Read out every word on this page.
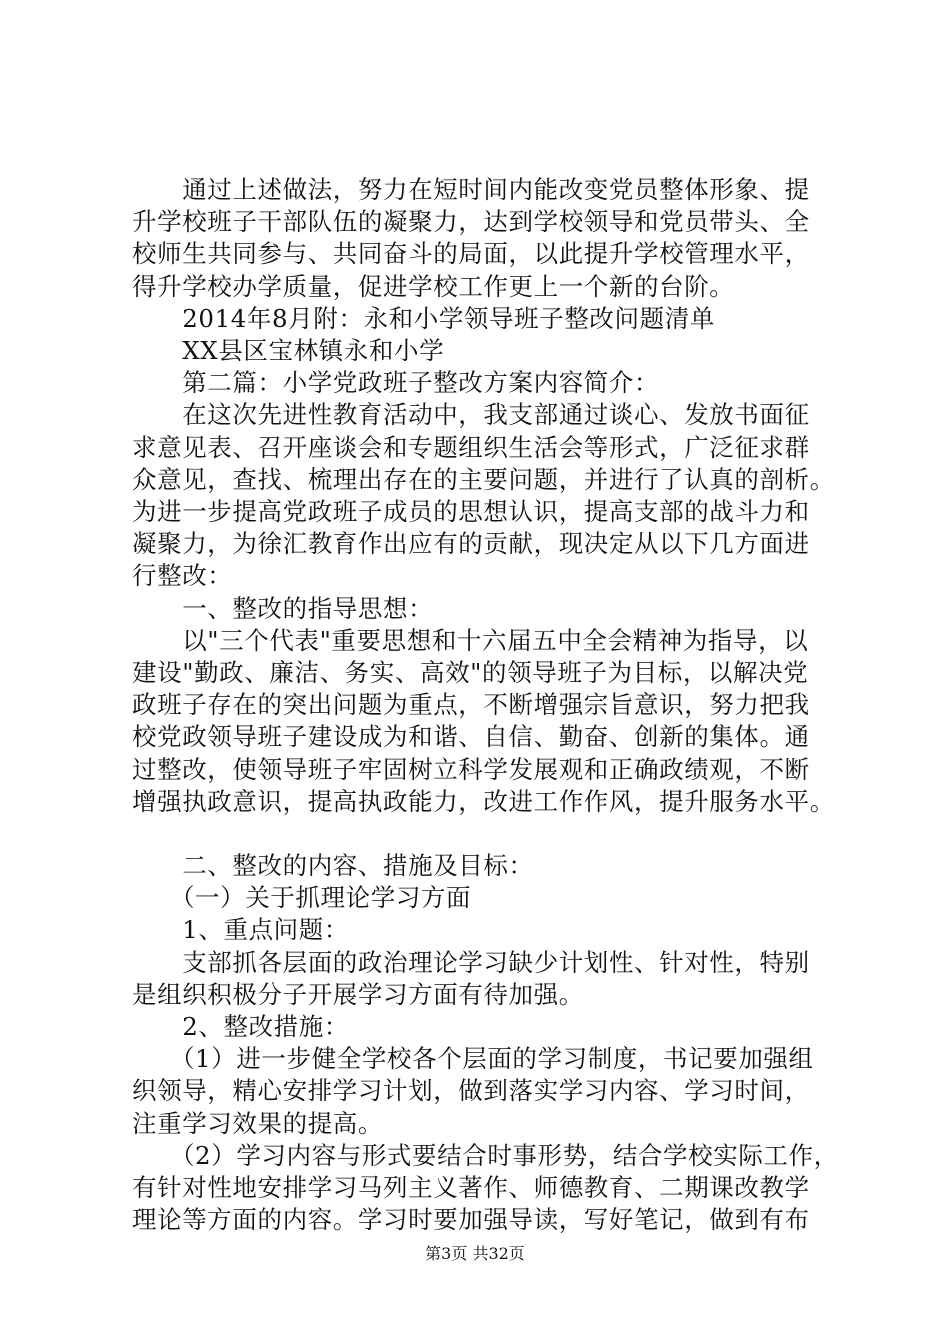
　　通过上述做法，努力在短时间内能改变党员整体形象、提

升学校班子干部队伍的凝聚力，达到学校领导和党员带头、全

校师生共同参与、共同奋斗的局面，以此提升学校管理水平，

得升学校办学质量，促进学校工作更上一个新的台阶。

　　2014年8月附：永和小学领导班子整改问题清单

　　XX县区宝林镇永和小学

　　第二篇：小学党政班子整改方案内容简介：

　　在这次先进性教育活动中，我支部通过谈心、发放书面征

求意见表、召开座谈会和专题组织生活会等形式，广泛征求群

众意见，查找、梳理出存在的主要问题，并进行了认真的剖析。

为进一步提高党政班子成员的思想认识，提高支部的战斗力和

凝聚力，为徐汇教育作出应有的贡献，现决定从以下几方面进

行整改：

　　一、整改的指导思想：

　　以"三个代表"重要思想和十六届五中全会精神为指导，以

建设"勤政、廉洁、务实、高效"的领导班子为目标，以解决党

政班子存在的突出问题为重点，不断增强宗旨意识，努力把我

校党政领导班子建设成为和谐、自信、勤奋、创新的集体。通

过整改，使领导班子牢固树立科学发展观和正确政绩观，不断

增强执政意识，提高执政能力，改进工作作风，提升服务水平。

　　二、整改的内容、措施及目标：

　　（一）关于抓理论学习方面

　　1、重点问题：

　　支部抓各层面的政治理论学习缺少计划性、针对性，特别

是组织积极分子开展学习方面有待加强。

　　2、整改措施：

　　（1）进一步健全学校各个层面的学习制度，书记要加强组

织领导，精心安排学习计划，做到落实学习内容、学习时间，

注重学习效果的提高。

　　（2）学习内容与形式要结合时事形势，结合学校实际工作，

有针对性地安排学习马列主义著作、师德教育、二期课改教学

理论等方面的内容。学习时要加强导读，写好笔记，做到有布

第3页 共32页
